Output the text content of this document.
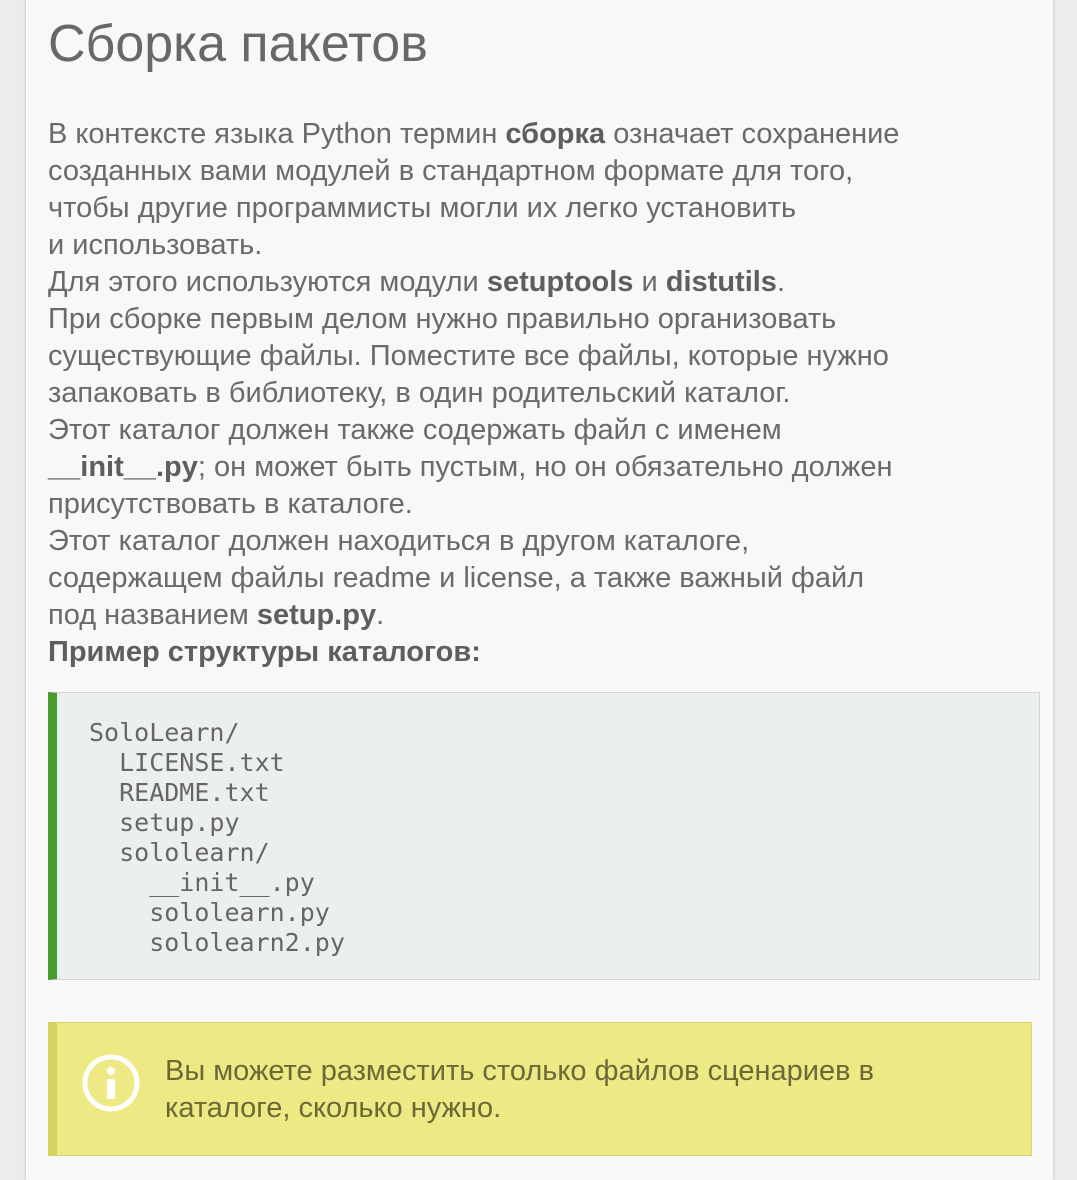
Сборка пакетов
В контексте языка Python термин сборка означает сохранение
созданных вами модулей в стандартном формате для того,
чтобы другие программисты могли их легко установить
и использовать.
Для этого используются модули setuptools и distutils.
При сборке первым делом нужно правильно организовать
существующие файлы. Поместите все файлы, которые нужно
запаковать в библиотеку, в один родительский каталог.
Этот каталог должен также содержать файл с именем
__init__.py; он может быть пустым, но он обязательно должен
присутствовать в каталоге.
Этот каталог должен находиться в другом каталоге,
содержащем файлы readme и license, а также важный файл
под названием setup.py.
Пример структуры каталогов:
SoloLearn/
LICENSE.txt
README.txt
setup.py
sololearn/
__init__.py
sololearn.py
sololearn2.py
Вы можете разместить столько файлов сценариев в
каталоге, сколько нужно.
